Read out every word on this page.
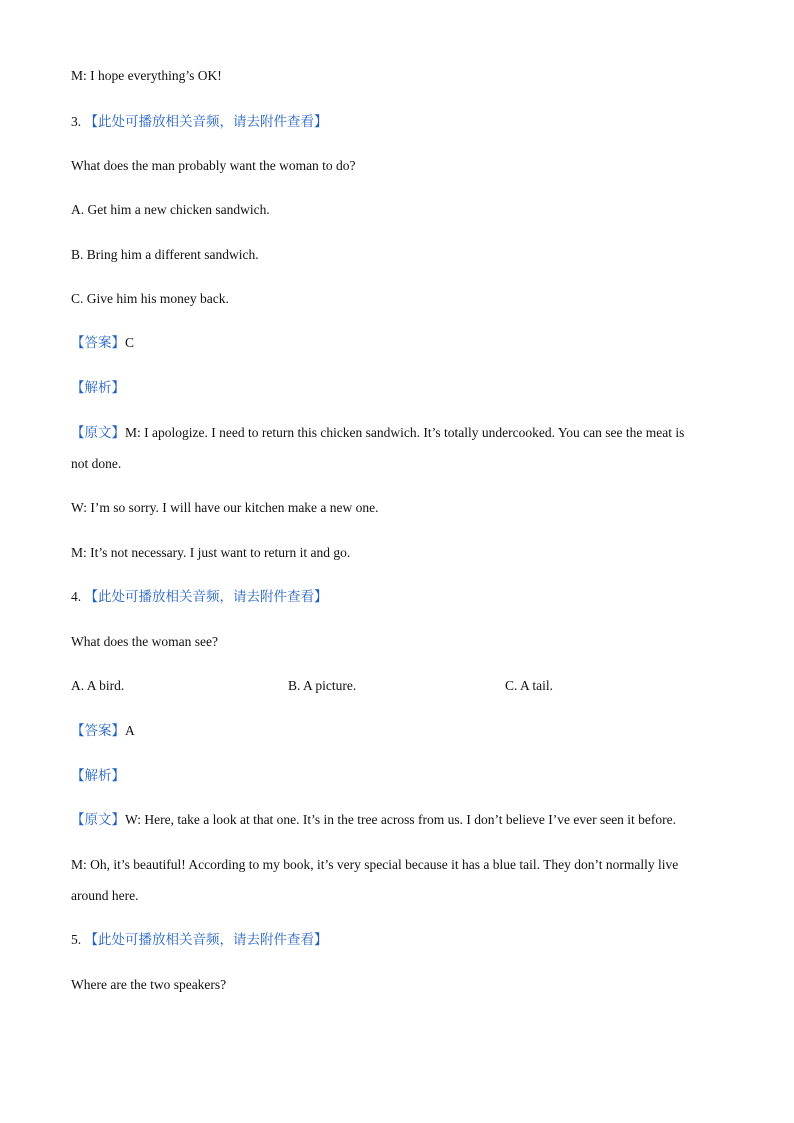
M: I hope everything’s OK!

3. 【此处可播放相关音频，请去附件查看】

What does the man probably want the woman to do?

A. Get him a new chicken sandwich.

B. Bring him a different sandwich.

C. Give him his money back.

【答案】C

【解析】

【原文】M: I apologize. I need to return this chicken sandwich. It’s totally undercooked. You can see the meat is

not done.

W: I’m so sorry. I will have our kitchen make a new one.

M: It’s not necessary. I just want to return it and go.

4. 【此处可播放相关音频，请去附件查看】

What does the woman see?

A. A bird.	B. A picture.	C. A tail.

【答案】A

【解析】

【原文】W: Here, take a look at that one. It’s in the tree across from us. I don’t believe I’ve ever seen it before.

M: Oh, it’s beautiful! According to my book, it’s very special because it has a blue tail. They don’t normally live

around here.

5. 【此处可播放相关音频，请去附件查看】

Where are the two speakers?
